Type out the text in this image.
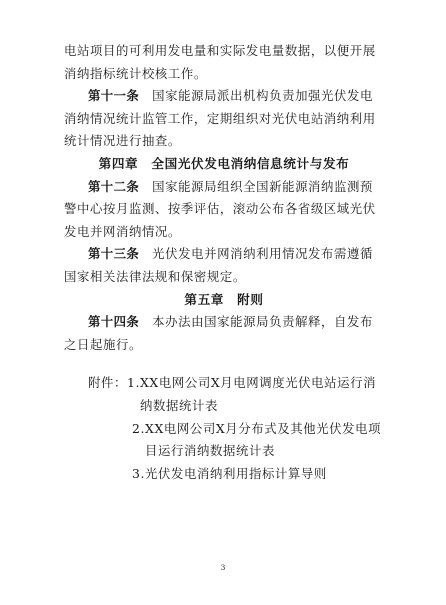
电站项目的可利用发电量和实际发电量数据，以便开展消纳指标统计校核工作。

第十一条　 国家能源局派出机构负责加强光伏发电消纳情况统计监管工作，定期组织对光伏电站消纳利用统计情况进行抽查。

第四章　全国光伏发电消纳信息统计与发布

第十二条　 国家能源局组织全国新能源消纳监测预警中心按月监测、按季评估，滚动公布各省级区域光伏发电并网消纳情况。

第十三条　 光伏发电并网消纳利用情况发布需遵循国家相关法律法规和保密规定。

第五章　附则

第十四条　 本办法由国家能源局负责解释，自发布之日起施行。

附件： 1. XX电网公司X月电网调度光伏电站运行消纳数据统计表
2. XX电网公司X月分布式及其他光伏发电项目运行消纳数据统计表
3. 光伏发电消纳利用指标计算导则
3
